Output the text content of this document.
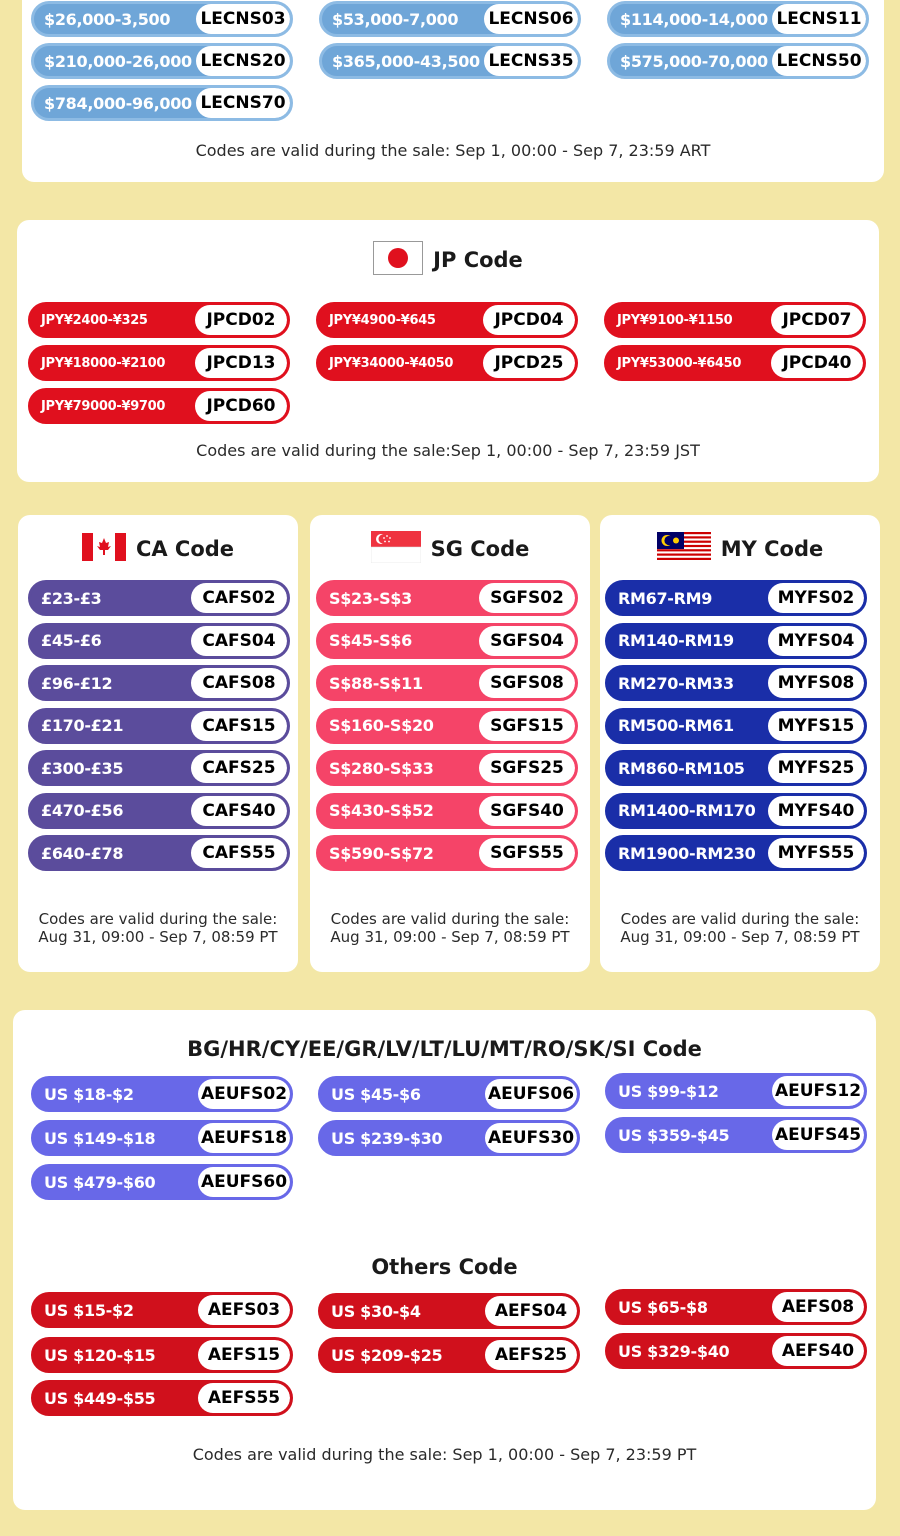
$26,000-3,500	LECNS03	$53,000-7,000	LECNS06	$114,000-14,000 LECNS11
$210,000-26,000 LECNS20	$365,000-43,500 LECNS35	$575,000-70,000 LECNS50
$784,000-96,000 LECNS70
Codes are valid during the sale: Sep 1, 00:00 - Sep 7, 23:59 ART
JP Code
JPY¥2400-¥325	JPCD02	JPY¥4900-¥645	JPCD04	JPY¥9100-¥1150	JPCD07
JPY¥18000-¥2100	JPCD13	JPY¥34000-¥4050	JPCD25	JPY¥53000-¥6450	JPCD40
JPY¥79000-¥9700	JPCD60
Codes are valid during the sale:Sep 1, 00:00 - Sep 7, 23:59 JST
CA Code
£23-£3	CAFS02
£45-£6	CAFS04
£96-£12	CAFS08
£170-£21	CAFS15
£300-£35	CAFS25
£470-£56	CAFS40
£640-£78	CAFS55
Codes are valid during the sale:
Aug 31, 09:00 - Sep 7, 08:59 PT
SG Code
S$23-S$3	SGFS02
S$45-S$6	SGFS04
S$88-S$11	SGFS08
S$160-S$20	SGFS15
S$280-S$33	SGFS25
S$430-S$52	SGFS40
S$590-S$72	SGFS55
Codes are valid during the sale:
Aug 31, 09:00 - Sep 7, 08:59 PT
MY Code
RM67-RM9	MYFS02
RM140-RM19	MYFS04
RM270-RM33	MYFS08
RM500-RM61	MYFS15
RM860-RM105	MYFS25
RM1400-RM170	MYFS40
RM1900-RM230	MYFS55
Codes are valid during the sale:
Aug 31, 09:00 - Sep 7, 08:59 PT
BG/HR/CY/EE/GR/LV/LT/LU/MT/RO/SK/SI Code
US $18-$2	AEUFS02	US $45-$6	AEUFS06	US $99-$12	AEUFS12
US $149-$18	AEUFS18	US $239-$30	AEUFS30	US $359-$45	AEUFS45
US $479-$60	AEUFS60
Others Code
US $15-$2	AEFS03	US $30-$4	AEFS04	US $65-$8	AEFS08
US $120-$15	AEFS15	US $209-$25	AEFS25	US $329-$40	AEFS40
US $449-$55	AEFS55
Codes are valid during the sale: Sep 1, 00:00 - Sep 7, 23:59 PT
